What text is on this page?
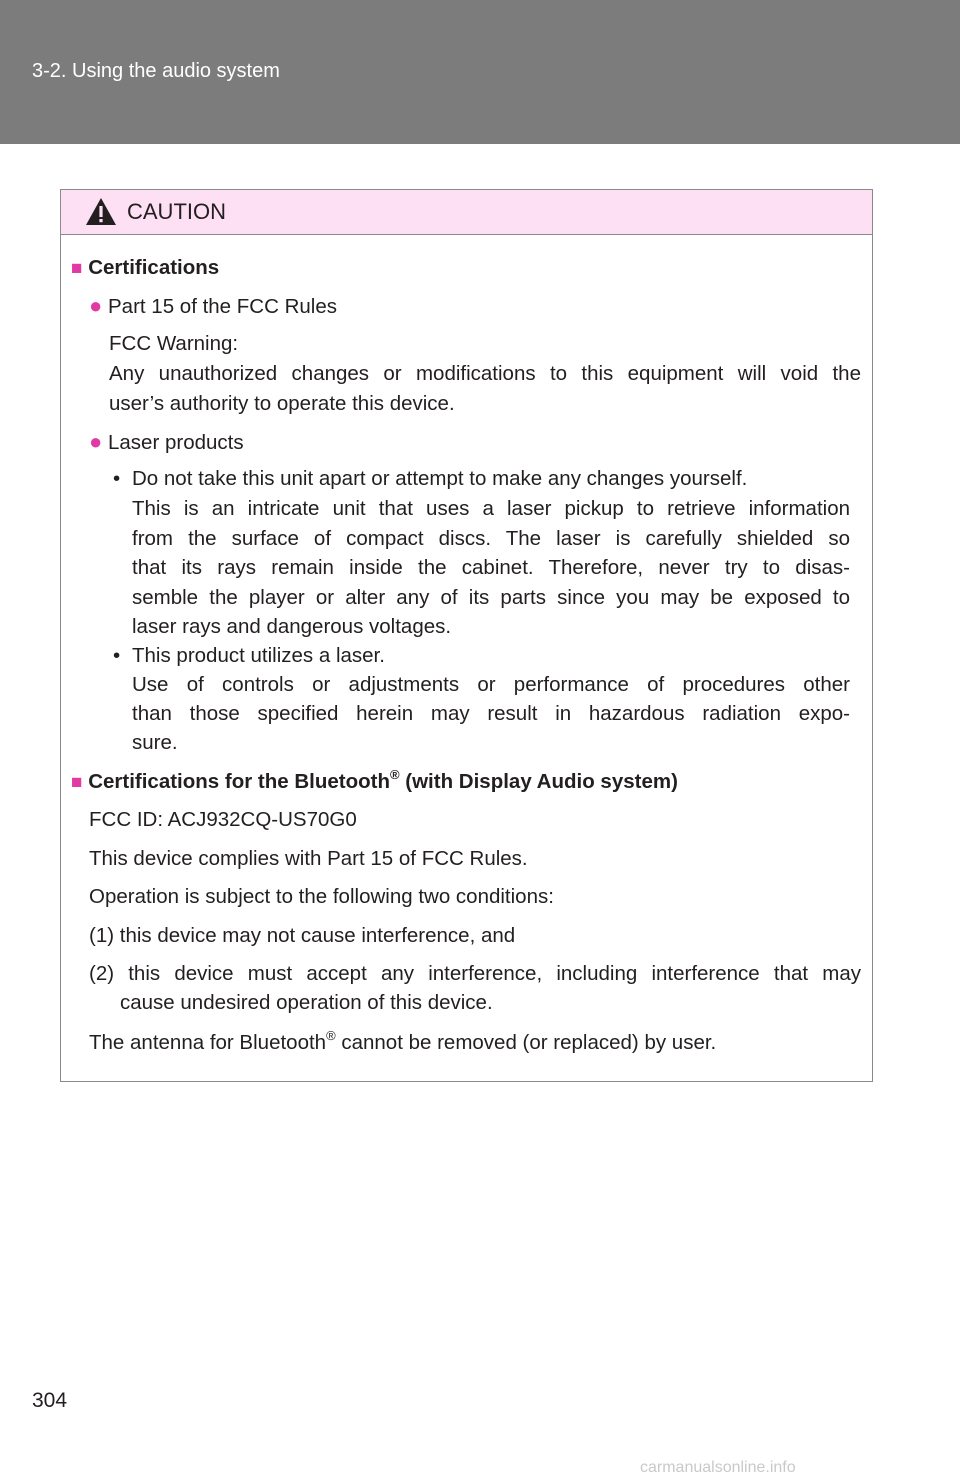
3-2. Using the audio system
CAUTION
■ Certifications
● Part 15 of the FCC Rules
FCC Warning:
Any unauthorized changes or modifications to this equipment will void the
user’s authority to operate this device.
● Laser products
• Do not take this unit apart or attempt to make any changes yourself.
This is an intricate unit that uses a laser pickup to retrieve information
from the surface of compact discs. The laser is carefully shielded so
that its rays remain inside the cabinet. Therefore, never try to disas-
semble the player or alter any of its parts since you may be exposed to
laser rays and dangerous voltages.
• This product utilizes a laser.
Use of controls or adjustments or performance of procedures other
than those specified herein may result in hazardous radiation expo-
sure.
■ Certifications for the Bluetooth® (with Display Audio system)
FCC ID: ACJ932CQ-US70G0
This device complies with Part 15 of FCC Rules.
Operation is subject to the following two conditions:
(1) this device may not cause interference, and
(2) this device must accept any interference, including interference that may
cause undesired operation of this device.
The antenna for Bluetooth® cannot be removed (or replaced) by user.
304
carmanualsonline.info
